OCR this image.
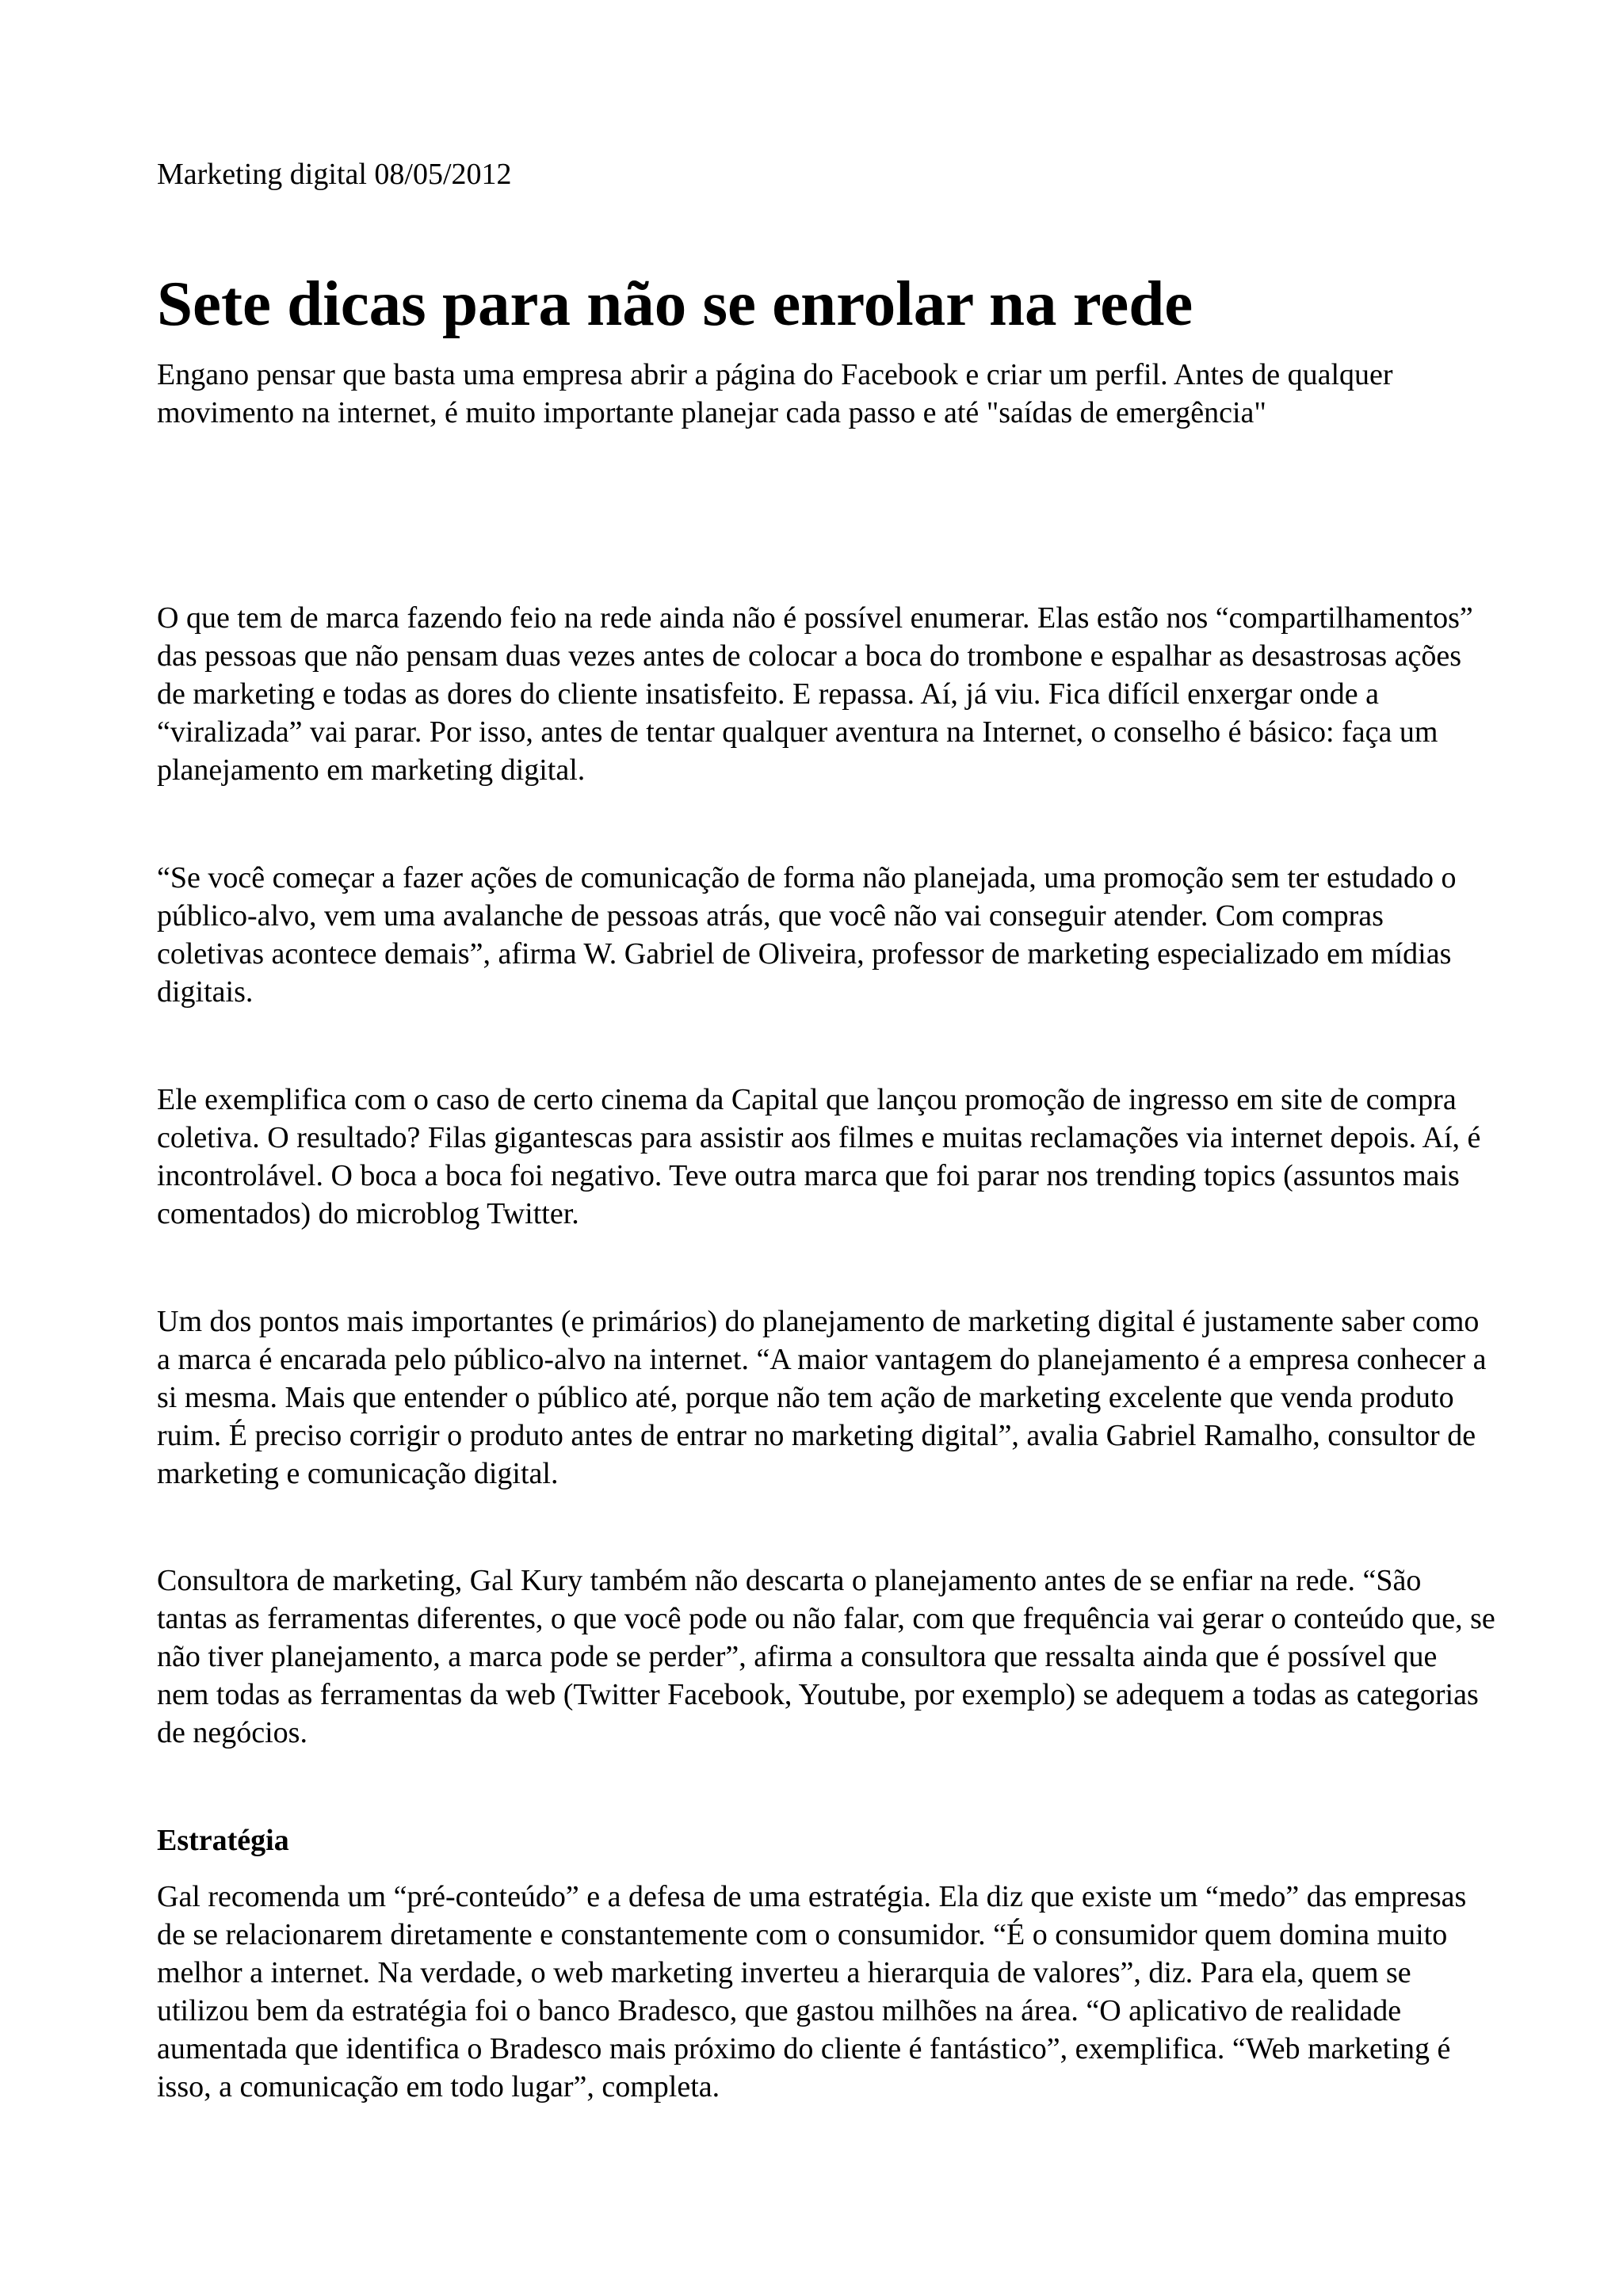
Marketing digital 08/05/2012

Sete dicas para não se enrolar na rede

Engano pensar que basta uma empresa abrir a página do Facebook e criar um perfil. Antes de qualquer movimento na internet, é muito importante planejar cada passo e até "saídas de emergência"

O que tem de marca fazendo feio na rede ainda não é possível enumerar. Elas estão nos “compartilhamentos” das pessoas que não pensam duas vezes antes de colocar a boca do trombone e espalhar as desastrosas ações de marketing e todas as dores do cliente insatisfeito. E repassa. Aí, já viu. Fica difícil enxergar onde a “viralizada” vai parar. Por isso, antes de tentar qualquer aventura na Internet, o conselho é básico: faça um planejamento em marketing digital.

“Se você começar a fazer ações de comunicação de forma não planejada, uma promoção sem ter estudado o público-alvo, vem uma avalanche de pessoas atrás, que você não vai conseguir atender. Com compras coletivas acontece demais”, afirma W. Gabriel de Oliveira, professor de marketing especializado em mídias digitais.

Ele exemplifica com o caso de certo cinema da Capital que lançou promoção de ingresso em site de compra coletiva. O resultado? Filas gigantescas para assistir aos filmes e muitas reclamações via internet depois. Aí, é incontrolável. O boca a boca foi negativo. Teve outra marca que foi parar nos trending topics (assuntos mais comentados) do microblog Twitter.

Um dos pontos mais importantes (e primários) do planejamento de marketing digital é justamente saber como a marca é encarada pelo público-alvo na internet. “A maior vantagem do planejamento é a empresa conhecer a si mesma. Mais que entender o público até, porque não tem ação de marketing excelente que venda produto ruim. É preciso corrigir o produto antes de entrar no marketing digital”, avalia Gabriel Ramalho, consultor de marketing e comunicação digital.

Consultora de marketing, Gal Kury também não descarta o planejamento antes de se enfiar na rede. “São tantas as ferramentas diferentes, o que você pode ou não falar, com que frequência vai gerar o conteúdo que, se não tiver planejamento, a marca pode se perder”, afirma a consultora que ressalta ainda que é possível que nem todas as ferramentas da web (Twitter Facebook, Youtube, por exemplo) se adequem a todas as categorias de negócios.

Estratégia

Gal recomenda um “pré-conteúdo” e a defesa de uma estratégia. Ela diz que existe um “medo” das empresas de se relacionarem diretamente e constantemente com o consumidor. “É o consumidor quem domina muito melhor a internet. Na verdade, o web marketing inverteu a hierarquia de valores”, diz. Para ela, quem se utilizou bem da estratégia foi o banco Bradesco, que gastou milhões na área. “O aplicativo de realidade aumentada que identifica o Bradesco mais próximo do cliente é fantástico”, exemplifica. “Web marketing é isso, a comunicação em todo lugar”, completa.
